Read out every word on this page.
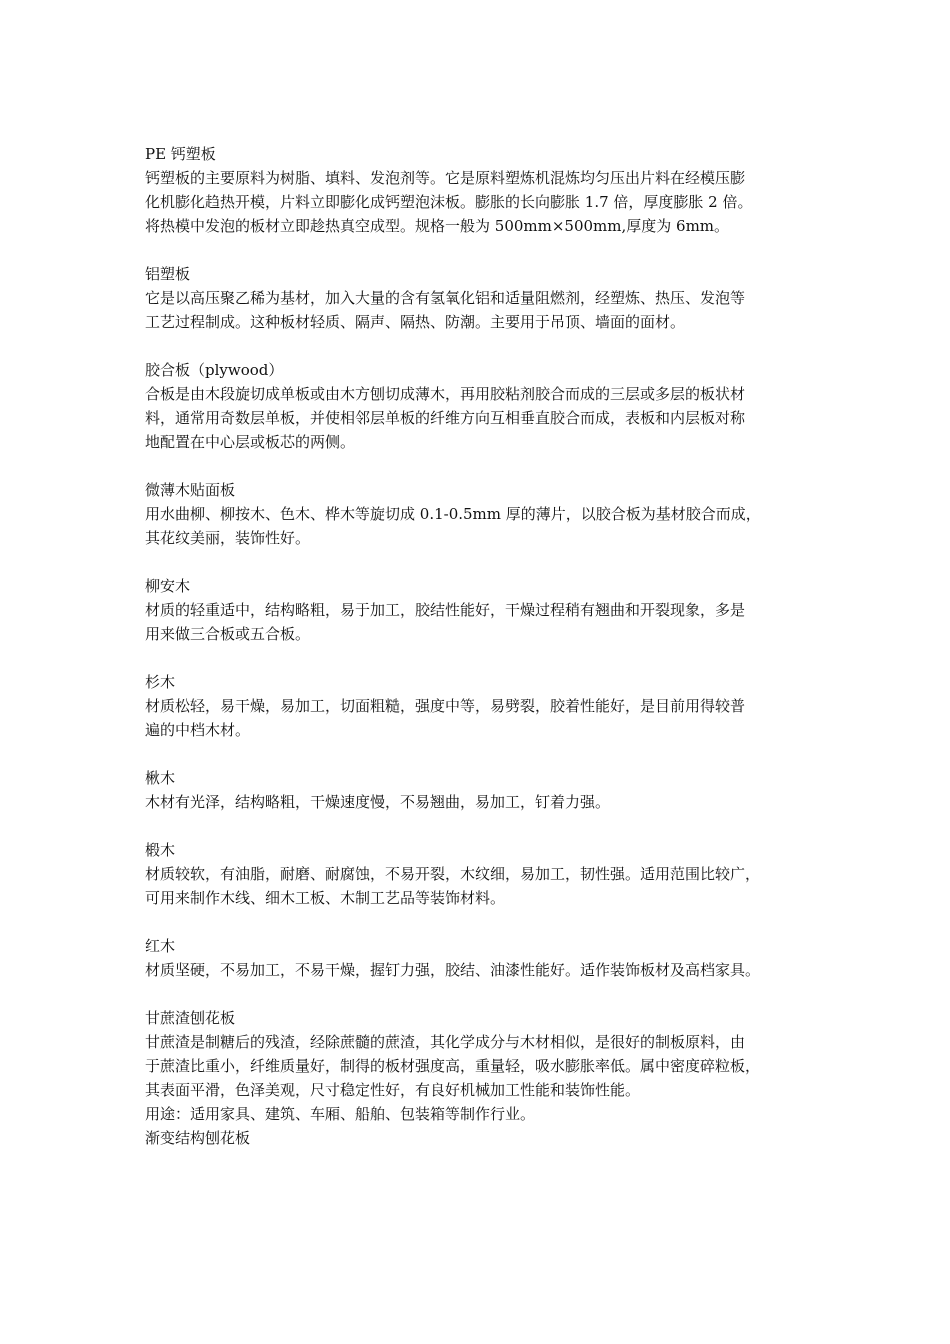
PE 钙塑板
钙塑板的主要原料为树脂、填料、发泡剂等。它是原料塑炼机混炼均匀压出片料在经模压膨
化机膨化趋热开模，片料立即膨化成钙塑泡沫板。膨胀的长向膨胀 1.7 倍，厚度膨胀 2 倍。
将热模中发泡的板材立即趁热真空成型。规格一般为 500mm×500mm,厚度为 6mm。
铝塑板
它是以高压聚乙稀为基材，加入大量的含有氢氧化铝和适量阻燃剂，经塑炼、热压、发泡等
工艺过程制成。这种板材轻质、隔声、隔热、防潮。主要用于吊顶、墙面的面材。
胶合板（plywood）
合板是由木段旋切成单板或由木方刨切成薄木，再用胶粘剂胶合而成的三层或多层的板状材
料，通常用奇数层单板，并使相邻层单板的纤维方向互相垂直胶合而成，表板和内层板对称
地配置在中心层或板芯的两侧。
微薄木贴面板
用水曲柳、柳按木、色木、桦木等旋切成 0.1-0.5mm 厚的薄片，以胶合板为基材胶合而成，
其花纹美丽，装饰性好。
柳安木
材质的轻重适中，结构略粗，易于加工，胶结性能好，干燥过程稍有翘曲和开裂现象，多是
用来做三合板或五合板。
杉木
材质松轻，易干燥，易加工，切面粗糙，强度中等，易劈裂，胶着性能好，是目前用得较普
遍的中档木材。
楸木
木材有光泽，结构略粗，干燥速度慢，不易翘曲，易加工，钉着力强。
椴木
材质较软，有油脂，耐磨、耐腐蚀，不易开裂，木纹细，易加工，韧性强。适用范围比较广，
可用来制作木线、细木工板、木制工艺品等装饰材料。
红木
材质坚硬，不易加工，不易干燥，握钉力强，胶结、油漆性能好。适作装饰板材及高档家具。
甘蔗渣刨花板
甘蔗渣是制糖后的残渣，经除蔗髓的蔗渣，其化学成分与木材相似，是很好的制板原料，由
于蔗渣比重小，纤维质量好，制得的板材强度高，重量轻，吸水膨胀率低。属中密度碎粒板，
其表面平滑，色泽美观，尺寸稳定性好，有良好机械加工性能和装饰性能。
用途：适用家具、建筑、车厢、船舶、包装箱等制作行业。
渐变结构刨花板
